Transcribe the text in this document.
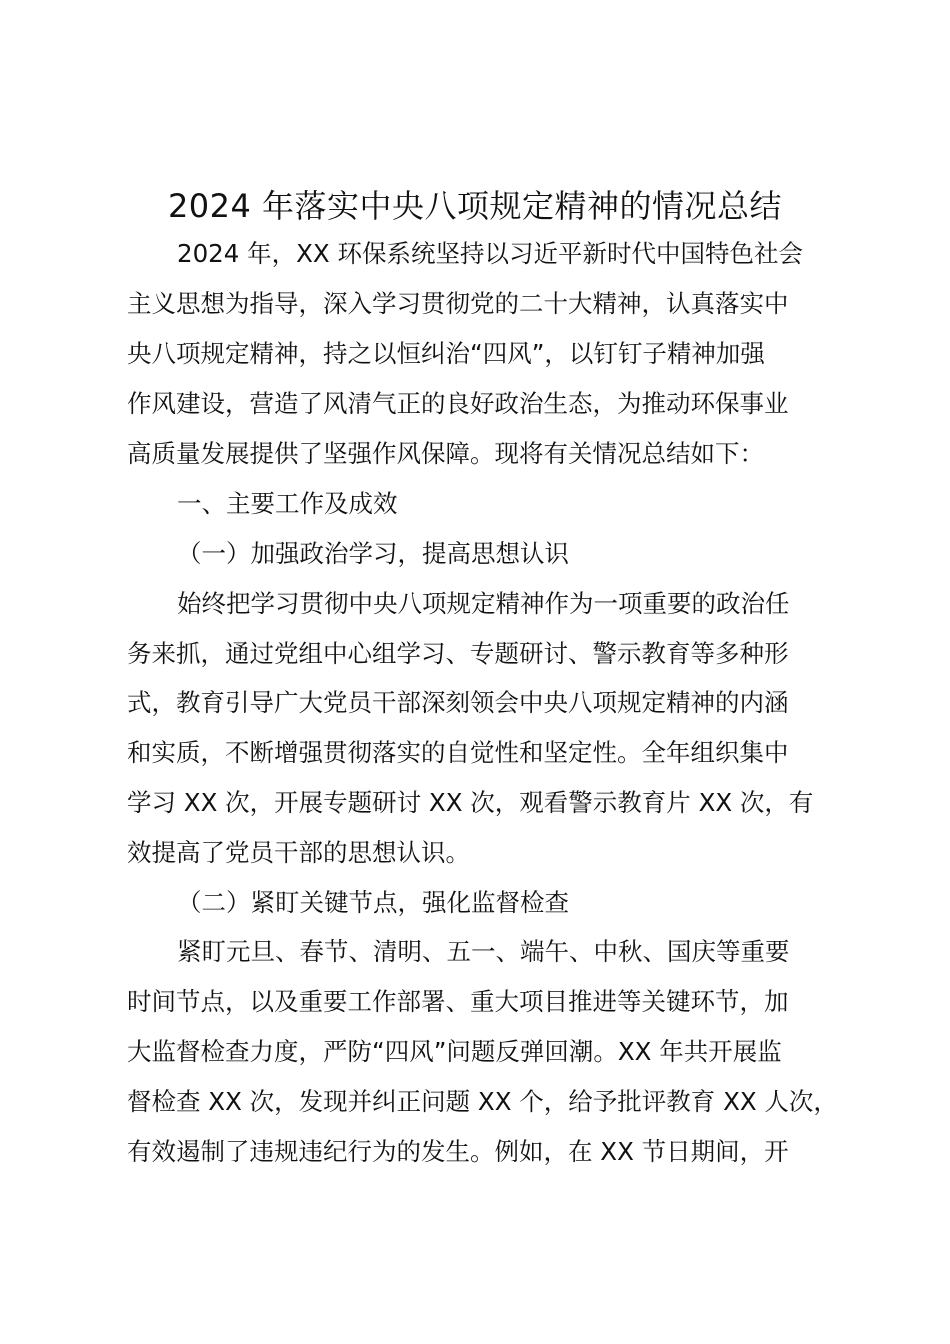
2024 年落实中央八项规定精神的情况总结
2024 年，XX 环保系统坚持以习近平新时代中国特色社会
主义思想为指导，深入学习贯彻党的二十大精神，认真落实中
央八项规定精神，持之以恒纠治“四风”，以钉钉子精神加强
作风建设，营造了风清气正的良好政治生态，为推动环保事业
高质量发展提供了坚强作风保障。现将有关情况总结如下：
一、主要工作及成效
（一）加强政治学习，提高思想认识
始终把学习贯彻中央八项规定精神作为一项重要的政治任
务来抓，通过党组中心组学习、专题研讨、警示教育等多种形
式，教育引导广大党员干部深刻领会中央八项规定精神的内涵
和实质，不断增强贯彻落实的自觉性和坚定性。全年组织集中
学习 XX 次，开展专题研讨 XX 次，观看警示教育片 XX 次，有
效提高了党员干部的思想认识。
（二）紧盯关键节点，强化监督检查
紧盯元旦、春节、清明、五一、端午、中秋、国庆等重要
时间节点，以及重要工作部署、重大项目推进等关键环节，加
大监督检查力度，严防“四风”问题反弹回潮。XX 年共开展监
督检查 XX 次，发现并纠正问题 XX 个，给予批评教育 XX 人次，
有效遏制了违规违纪行为的发生。例如，在 XX 节日期间，开
